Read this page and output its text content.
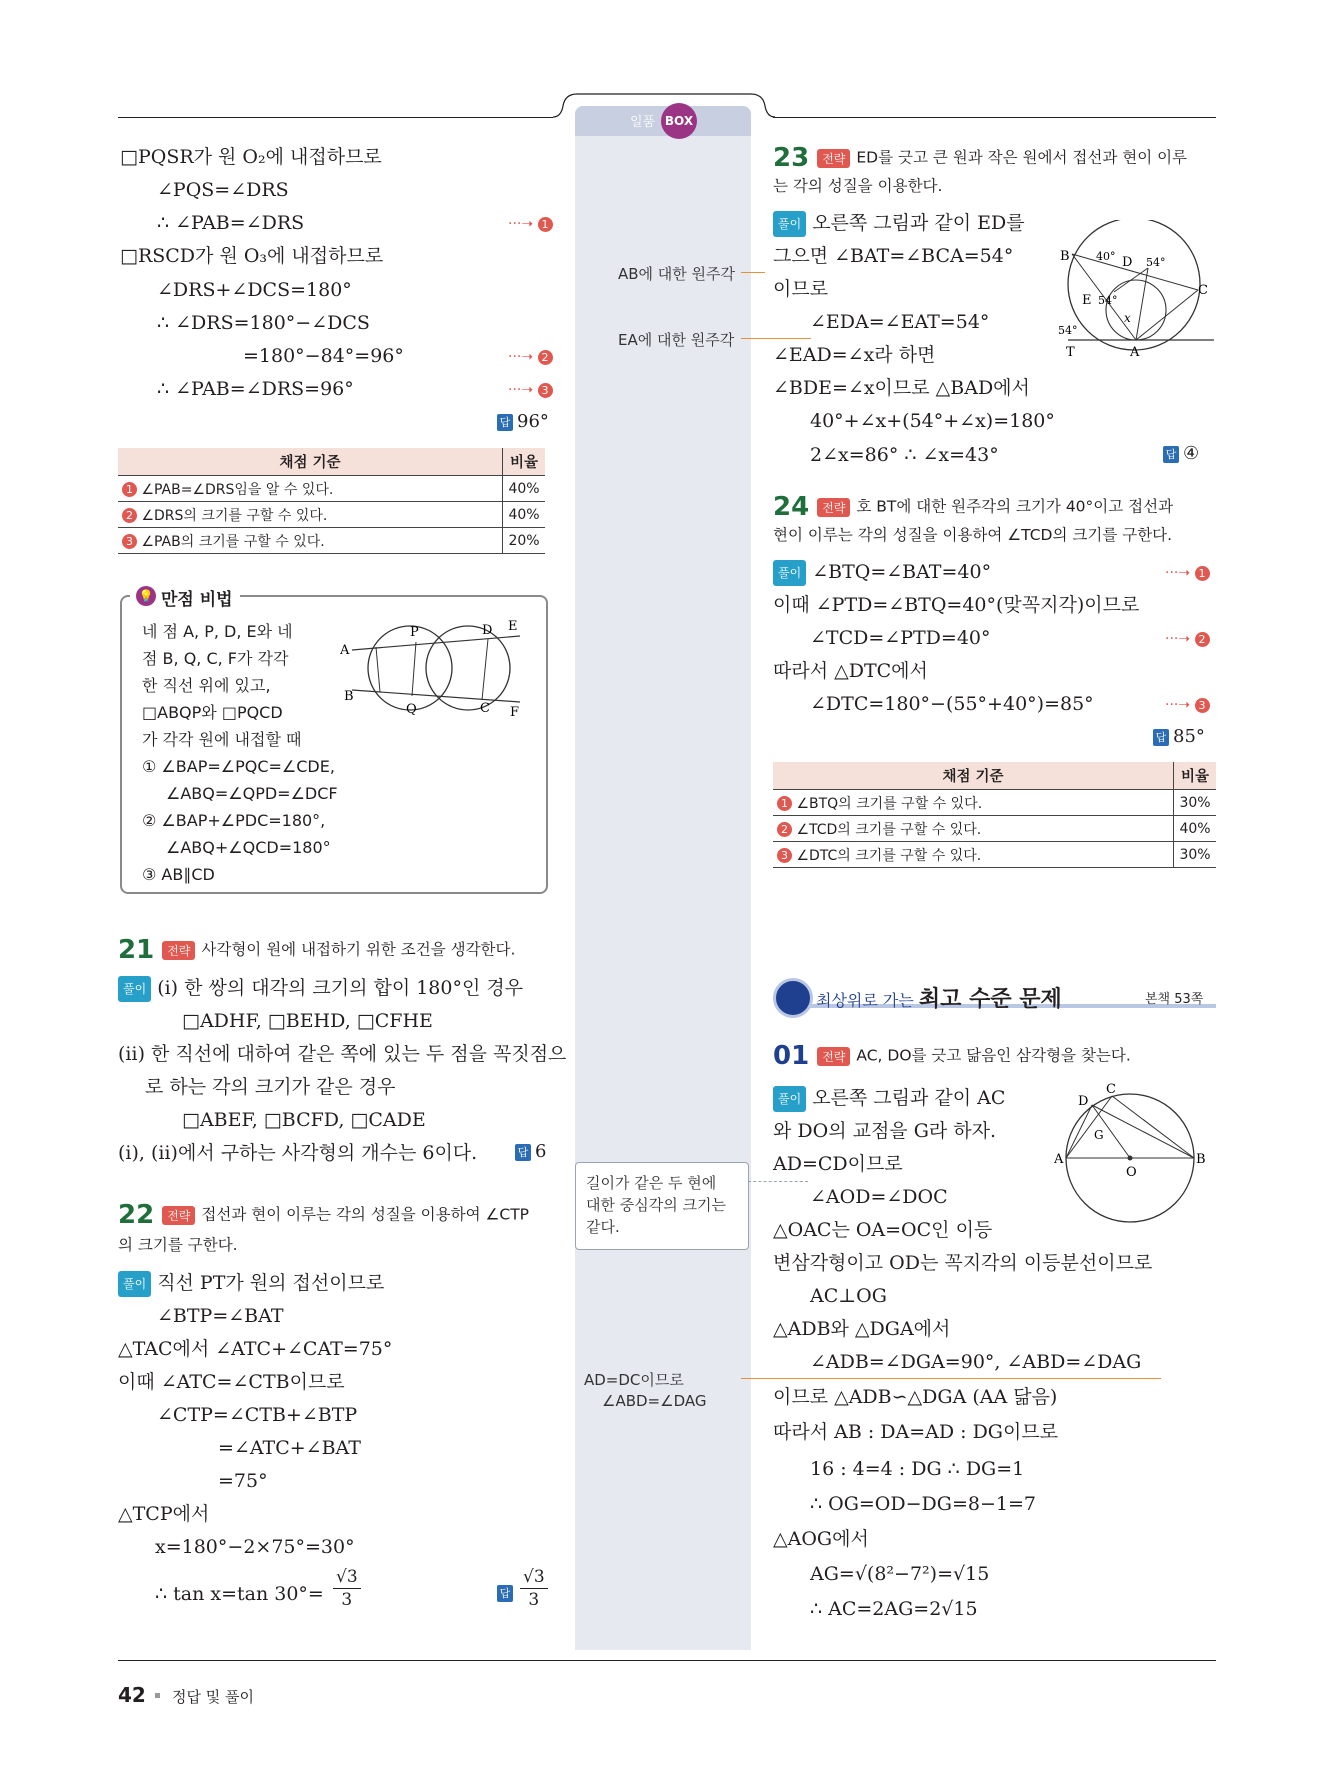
일품 BOX
□PQSR가 원 O₂에 내접하므로
∠PQS=∠DRS
∴ ∠PAB=∠DRS
□RSCD가 원 O₃에 내접하므로
∠DRS+∠DCS=180°
∴ ∠DRS=180°−∠DCS
=180°−84°=96°
∴ ∠PAB=∠DRS=96°
···➝ 1
···➝ 2
···➝ 3
답 96°
채점 기준	비율
1 ∠PAB=∠DRS임을 알 수 있다.	40%
2 ∠DRS의 크기를 구할 수 있다.	40%
3 ∠PAB의 크기를 구할 수 있다.	20%
💡 만점 비법
네 점 A, P, D, E와 네
점 B, Q, C, F가 각각
한 직선 위에 있고,
□ABQP와 □PQCD
가 각각 원에 내접할 때
① ∠BAP=∠PQC=∠CDE,
∠ABQ=∠QPD=∠DCF
② ∠BAP+∠PDC=180°,
∠ABQ+∠QCD=180°
③ AB∥CD
A
P	D E
B
Q	C F
21 전략 사각형이 원에 내접하기 위한 조건을 생각한다.
풀이 (ⅰ) 한 쌍의 대각의 크기의 합이 180°인 경우
□ADHF, □BEHD, □CFHE
(ⅱ) 한 직선에 대하여 같은 쪽에 있는 두 점을 꼭짓점으
로 하는 각의 크기가 같은 경우
□ABEF, □BCFD, □CADE
(ⅰ), (ⅱ)에서 구하는 사각형의 개수는 6이다.	답 6
22 전략 접선과 현이 이루는 각의 성질을 이용하여 ∠CTP
의 크기를 구한다.
풀이 직선 PT가 원의 접선이므로
∠BTP=∠BAT
△TAC에서 ∠ATC+∠CAT=75°
이때 ∠ATC=∠CTB이므로
∠CTP=∠CTB+∠BTP
=∠ATC+∠BAT
=75°
△TCP에서
x=180°−2×75°=30°
∴ tan x=tan $30^\circ= \frac{√3}{3}$	답 $\frac{√3}{3}$
AB에 대한 원주각
EA에 대한 원주각
길이가 같은 두 현에
대한 중심각의 크기는
같다.
AD=DC이므로
∠ABD=∠DAG
23 전략 ED를 긋고 큰 원과 작은 원에서 접선과 현이 이루
는 각의 성질을 이용한다.
풀이 오른쪽 그림과 같이 ED를
그으면 ∠BAT=∠BCA=54°
이므로
∠EDA=∠EAT=54°
∠EAD=∠x라 하면
∠BDE=∠x이므로 △BAD에서
40°+∠x+(54°+∠x)=180°
2∠x=86° ∴ ∠x=43°	답 ④
B 40° D 54°
C
E 54°
x
54°
T	A
24 전략 호 BT에 대한 원주각의 크기가 40°이고 접선과
현이 이루는 각의 성질을 이용하여 ∠TCD의 크기를 구한다.
풀이 ∠BTQ=∠BAT=40°
이때 ∠PTD=∠BTQ=40°(맞꼭지각)이므로
∠TCD=∠PTD=40°
따라서 △DTC에서
∠DTC=180°−(55°+40°)=85°
···➝ 1
···➝ 2
···➝ 3
답 85°
채점 기준	비율
1 ∠BTQ의 크기를 구할 수 있다.	30%
2 ∠TCD의 크기를 구할 수 있다.	40%
3 ∠DTC의 크기를 구할 수 있다.	30%
최상위로 가는 최고 수준 문제	본책 53쪽
01 전략 AC, DO를 긋고 닮음인 삼각형을 찾는다.
풀이 오른쪽 그림과 같이 AC
와 DO의 교점을 G라 하자.
AD=CD이므로
∠AOD=∠DOC
△OAC는 OA=OC인 이등
변삼각형이고 OD는 꼭지각의 이등분선이므로
AC⊥OG
△ADB와 △DGA에서
∠ADB=∠DGA=90°, ∠ABD=∠DAG
이므로 △ADB∽△DGA (AA 닮음)
따라서 AB : DA=AD : DG이므로
16 : 4=4 : DG ∴ DG=1
∴ OG=OD−DG=8−1=7
△AOG에서
AG=√(8²−7²)=√15
∴ AC=2AG=2√15
C
D
A
G
O
B
42 정답 및 풀이
